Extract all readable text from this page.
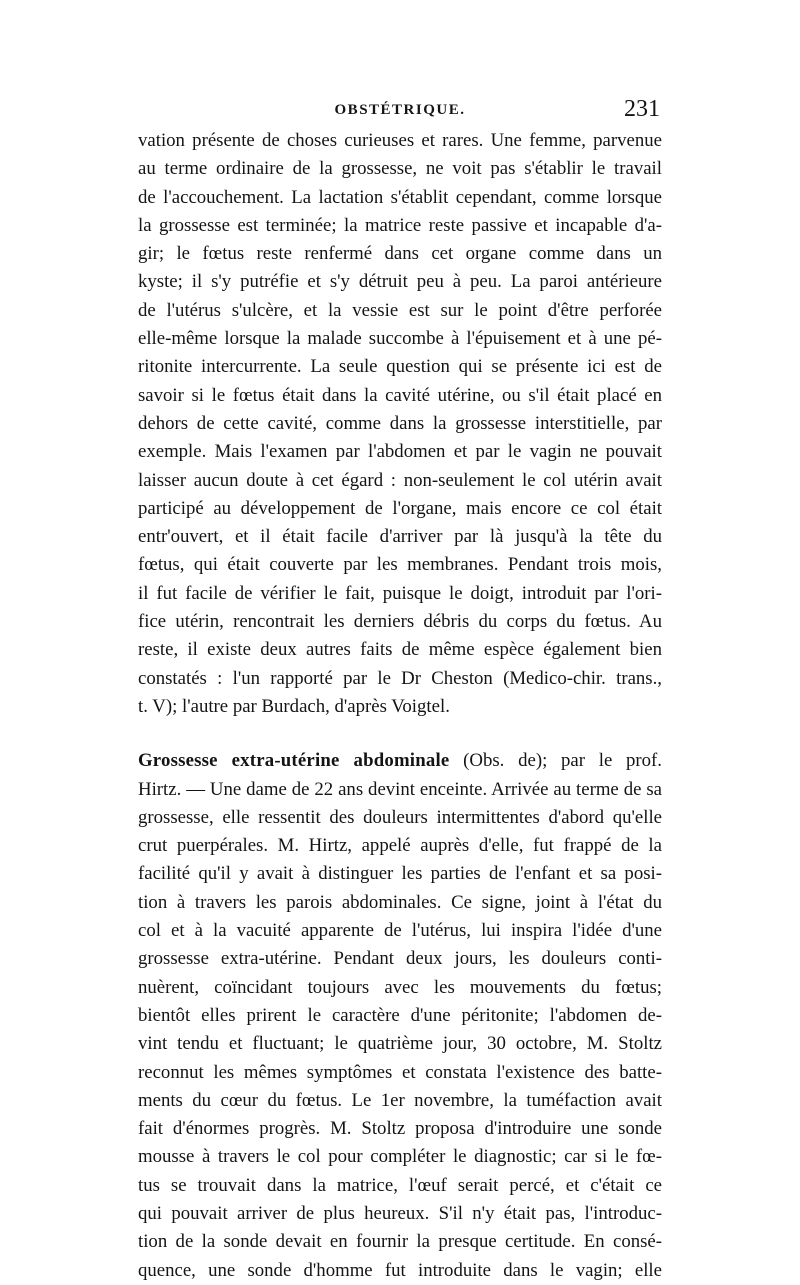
OBSTÉTRIQUE.	231
vation présente de choses curieuses et rares. Une femme, parvenue
au terme ordinaire de la grossesse, ne voit pas s'établir le travail
de l'accouchement. La lactation s'établit cependant, comme lorsque
la grossesse est terminée; la matrice reste passive et incapable d'a-
gir; le fœtus reste renfermé dans cet organe comme dans un
kyste; il s'y putréfie et s'y détruit peu à peu. La paroi antérieure
de l'utérus s'ulcère, et la vessie est sur le point d'être perforée
elle-même lorsque la malade succombe à l'épuisement et à une pé-
ritonite intercurrente. La seule question qui se présente ici est de
savoir si le fœtus était dans la cavité utérine, ou s'il était placé en
dehors de cette cavité, comme dans la grossesse interstitielle, par
exemple. Mais l'examen par l'abdomen et par le vagin ne pouvait
laisser aucun doute à cet égard : non-seulement le col utérin avait
participé au développement de l'organe, mais encore ce col était
entr'ouvert, et il était facile d'arriver par là jusqu'à la tête du
fœtus, qui était couverte par les membranes. Pendant trois mois,
il fut facile de vérifier le fait, puisque le doigt, introduit par l'ori-
fice utérin, rencontrait les derniers débris du corps du fœtus. Au
reste, il existe deux autres faits de même espèce également bien
constatés : l'un rapporté par le Dr Cheston (Medico-chir. trans.,
t. V); l'autre par Burdach, d'après Voigtel.
Grossesse extra-utérine abdominale (Obs. de); par le prof.
Hirtz. — Une dame de 22 ans devint enceinte. Arrivée au terme de sa
grossesse, elle ressentit des douleurs intermittentes d'abord qu'elle
crut puerpérales. M. Hirtz, appelé auprès d'elle, fut frappé de la
facilité qu'il y avait à distinguer les parties de l'enfant et sa posi-
tion à travers les parois abdominales. Ce signe, joint à l'état du
col et à la vacuité apparente de l'utérus, lui inspira l'idée d'une
grossesse extra-utérine. Pendant deux jours, les douleurs conti-
nuèrent, coïncidant toujours avec les mouvements du fœtus;
bientôt elles prirent le caractère d'une péritonite; l'abdomen de-
vint tendu et fluctuant; le quatrième jour, 30 octobre, M. Stoltz
reconnut les mêmes symptômes et constata l'existence des batte-
ments du cœur du fœtus. Le 1er novembre, la tuméfaction avait
fait d'énormes progrès. M. Stoltz proposa d'introduire une sonde
mousse à travers le col pour compléter le diagnostic; car si le fœ-
tus se trouvait dans la matrice, l'œuf serait percé, et c'était ce
qui pouvait arriver de plus heureux. S'il n'y était pas, l'introduc-
tion de la sonde devait en fournir la presque certitude. En consé-
quence, une sonde d'homme fut introduite dans le vagin; elle
